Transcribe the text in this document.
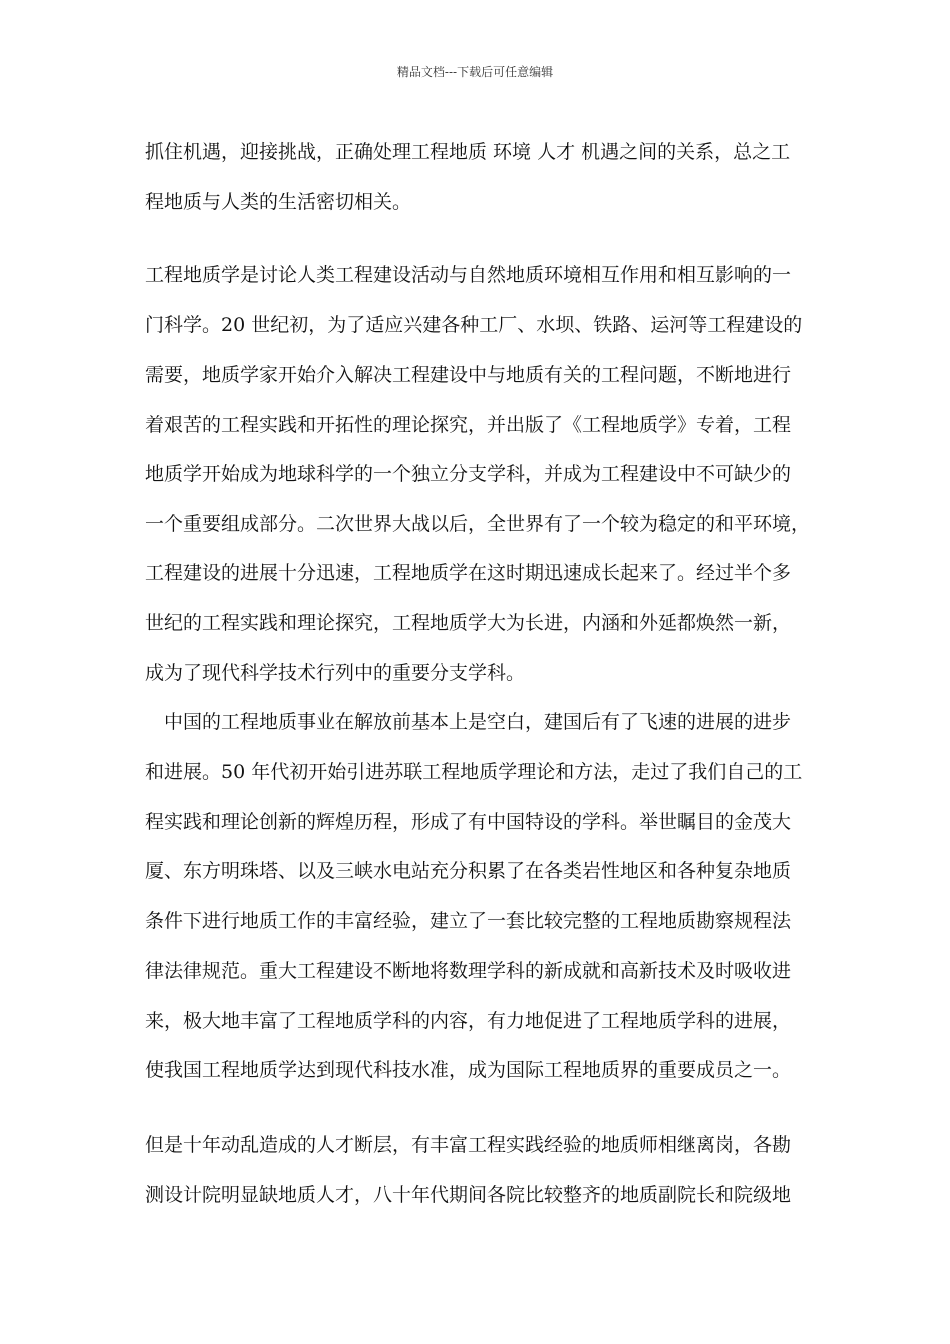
精品文档---下载后可任意编辑
抓住机遇，迎接挑战，正确处理工程地质 环境 人才 机遇之间的关系，总之工
程地质与人类的生活密切相关。
工程地质学是讨论人类工程建设活动与自然地质环境相互作用和相互影响的一
门科学。20 世纪初，为了适应兴建各种工厂、水坝、铁路、运河等工程建设的
需要，地质学家开始介入解决工程建设中与地质有关的工程问题，不断地进行
着艰苦的工程实践和开拓性的理论探究，并出版了《工程地质学》专着，工程
地质学开始成为地球科学的一个独立分支学科，并成为工程建设中不可缺少的
一个重要组成部分。二次世界大战以后，全世界有了一个较为稳定的和平环境，
工程建设的进展十分迅速，工程地质学在这时期迅速成长起来了。经过半个多
世纪的工程实践和理论探究，工程地质学大为长进，内涵和外延都焕然一新，
成为了现代科学技术行列中的重要分支学科。
中国的工程地质事业在解放前基本上是空白，建国后有了飞速的进展的进步
和进展。50 年代初开始引进苏联工程地质学理论和方法，走过了我们自己的工
程实践和理论创新的辉煌历程，形成了有中国特设的学科。举世瞩目的金茂大
厦、东方明珠塔、以及三峡水电站充分积累了在各类岩性地区和各种复杂地质
条件下进行地质工作的丰富经验，建立了一套比较完整的工程地质勘察规程法
律法律规范。重大工程建设不断地将数理学科的新成就和高新技术及时吸收进
来，极大地丰富了工程地质学科的内容，有力地促进了工程地质学科的进展，
使我国工程地质学达到现代科技水准，成为国际工程地质界的重要成员之一。
但是十年动乱造成的人才断层，有丰富工程实践经验的地质师相继离岗，各勘
测设计院明显缺地质人才，八十年代期间各院比较整齐的地质副院长和院级地
